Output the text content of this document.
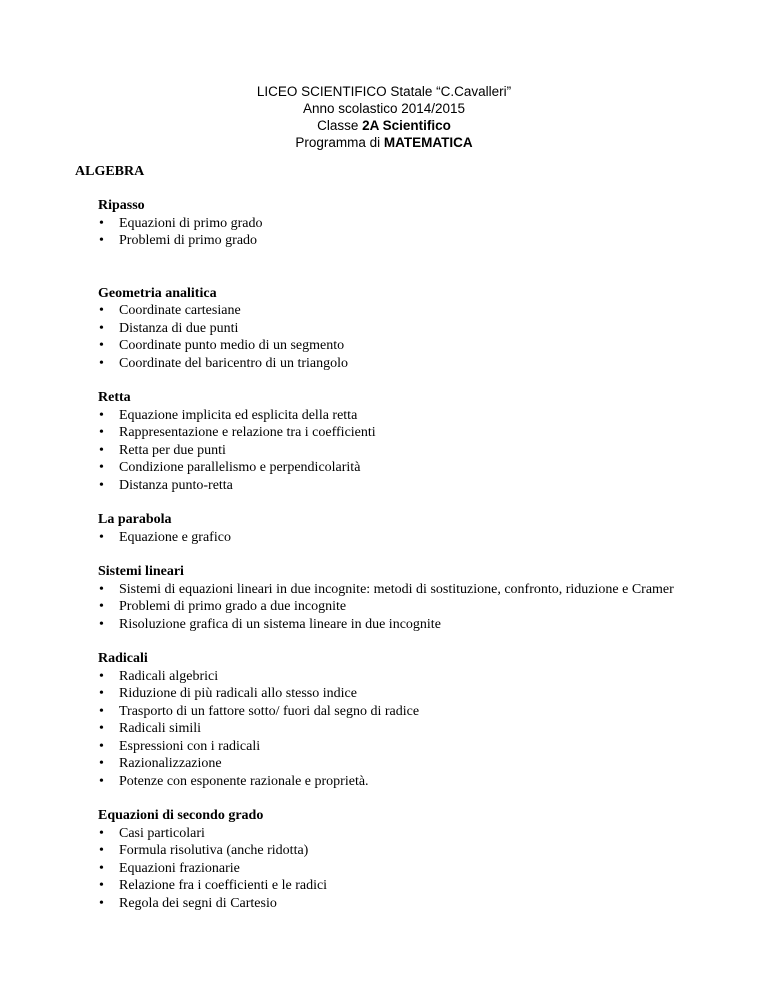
LICEO SCIENTIFICO Statale “C.Cavalleri”
Anno scolastico 2014/2015
Classe 2A Scientifico
Programma di MATEMATICA
ALGEBRA
Ripasso
• Equazioni di primo grado
• Problemi di primo grado
Geometria analitica
• Coordinate cartesiane
• Distanza di due punti
• Coordinate punto medio di un segmento
• Coordinate del baricentro di un triangolo
Retta
• Equazione implicita ed esplicita della retta
• Rappresentazione e relazione tra i coefficienti
• Retta per due punti
• Condizione parallelismo e perpendicolarità
• Distanza punto-retta
La parabola
• Equazione e grafico
Sistemi lineari
• Sistemi di equazioni lineari in due incognite: metodi di sostituzione, confronto, riduzione e Cramer
• Problemi di primo grado a due incognite
• Risoluzione grafica di un sistema lineare in due incognite
Radicali
• Radicali algebrici
• Riduzione di più radicali allo stesso indice
• Trasporto di un fattore sotto/ fuori dal segno di radice
• Radicali simili
• Espressioni con i radicali
• Razionalizzazione
• Potenze con esponente razionale e proprietà.
Equazioni di secondo grado
• Casi particolari
• Formula risolutiva (anche ridotta)
• Equazioni frazionarie
• Relazione fra i coefficienti e le radici
• Regola dei segni di Cartesio
